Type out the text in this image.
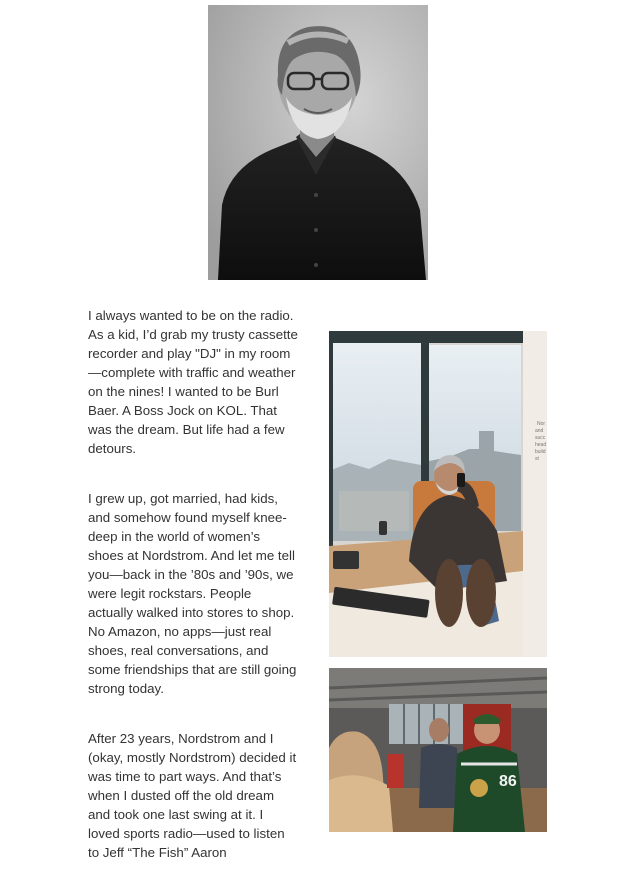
I always wanted to be on the radio. As a kid, I’d grab my trusty cassette recorder and play "DJ" in my room—complete with traffic and weather on the nines! I wanted to be Burl Baer. A Boss Jock on KOL. That was the dream. But life had a few detours.

I grew up, got married, had kids, and somehow found myself knee-deep in the world of women’s shoes at Nordstrom. And let me tell you—back in the ’80s and ’90s, we were legit rockstars. People actually walked into stores to shop. No Amazon, no apps—just real shoes, real conversations, and some friendships that are still going strong today.

After 23 years, Nordstrom and I (okay, mostly Nordstrom) decided it was time to part ways. And that’s when I dusted off the old dream and took one last swing at it. I loved sports radio—used to listen to Jeff “The Fish” Aaron

Nor
and
succ
head
build
st
86
